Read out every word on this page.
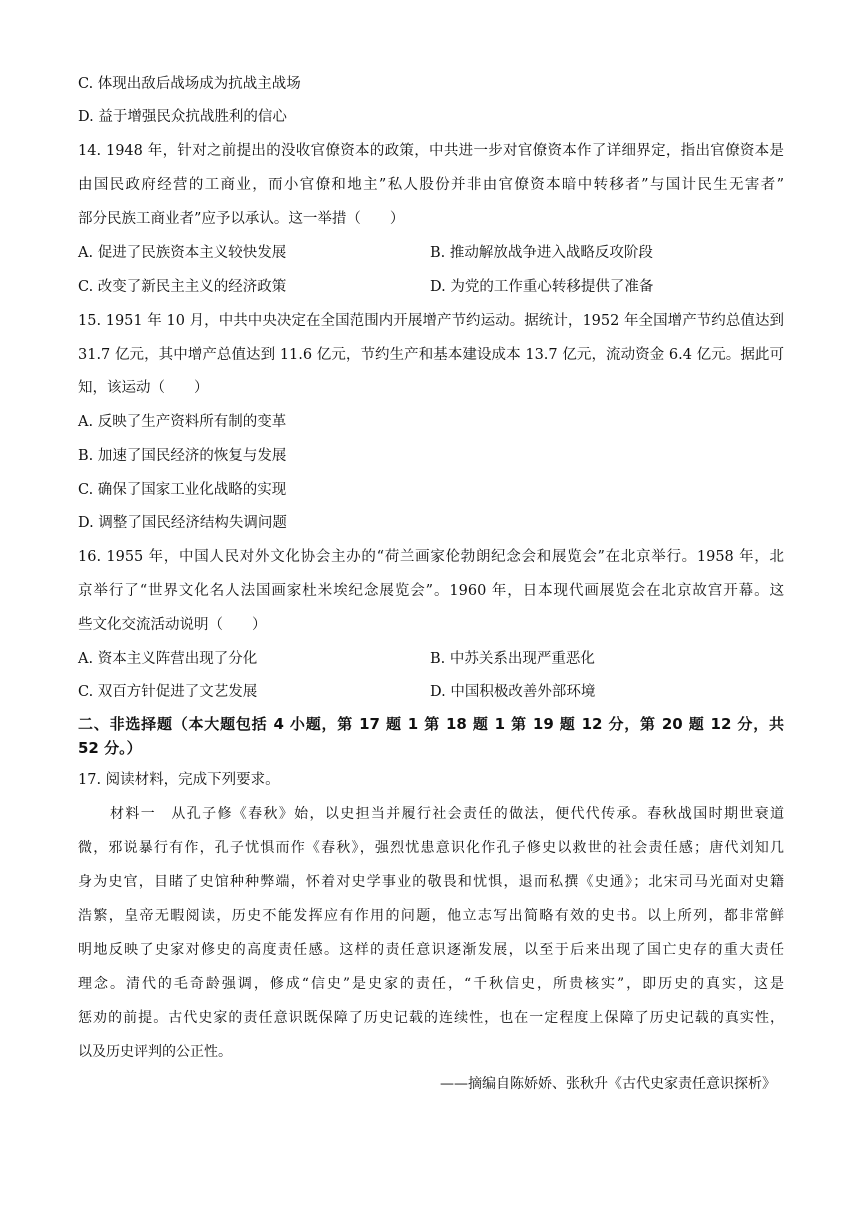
C. 体现出敌后战场成为抗战主战场
D. 益于增强民众抗战胜利的信心
14. 1948 年，针对之前提出的没收官僚资本的政策，中共进一步对官僚资本作了详细界定，指出官僚资本是
由国民政府经营的工商业，而小官僚和地主”私人股份并非由官僚资本暗中转移者”与国计民生无害者”
部分民族工商业者”应予以承认。这一举措（　　）
A. 促进了民族资本主义较快发展	B. 推动解放战争进入战略反攻阶段
C. 改变了新民主主义的经济政策	D. 为党的工作重心转移提供了准备
15. 1951 年 10 月，中共中央决定在全国范围内开展增产节约运动。据统计，1952 年全国增产节约总值达到
31.7 亿元，其中增产总值达到 11.6 亿元，节约生产和基本建设成本 13.7 亿元，流动资金 6.4 亿元。据此可
知，该运动（　　）
A. 反映了生产资料所有制的变革
B. 加速了国民经济的恢复与发展
C. 确保了国家工业化战略的实现
D. 调整了国民经济结构失调问题
16. 1955 年，中国人民对外文化协会主办的“荷兰画家伦勃朗纪念会和展览会”在北京举行。1958 年，北
京举行了“世界文化名人法国画家杜米埃纪念展览会”。1960 年，日本现代画展览会在北京故宫开幕。这
些文化交流活动说明（　　）
A. 资本主义阵营出现了分化	B. 中苏关系出现严重恶化
C. 双百方针促进了文艺发展	D. 中国积极改善外部环境
二、非选择题（本大题包括 4 小题，第 17 题 1 第 18 题 1 第 19 题 12 分，第 20 题 12 分，共
52 分。）
17. 阅读材料，完成下列要求。
材料一　从孔子修《春秋》始，以史担当并履行社会责任的做法，便代代传承。春秋战国时期世衰道
微，邪说暴行有作，孔子忧惧而作《春秋》，强烈忧患意识化作孔子修史以救世的社会责任感；唐代刘知几
身为史官，目睹了史馆种种弊端，怀着对史学事业的敬畏和忧惧，退而私撰《史通》；北宋司马光面对史籍
浩繁，皇帝无暇阅读，历史不能发挥应有作用的问题，他立志写出简略有效的史书。以上所列，都非常鲜
明地反映了史家对修史的高度责任感。这样的责任意识逐渐发展，以至于后来出现了国亡史存的重大责任
理念。清代的毛奇龄强调，修成“信史”是史家的责任，“千秋信史，所贵核实”，即历史的真实，这是
惩劝的前提。古代史家的责任意识既保障了历史记载的连续性，也在一定程度上保障了历史记载的真实性，
以及历史评判的公正性。
——摘编自陈娇娇、张秋升《古代史家责任意识探析》
